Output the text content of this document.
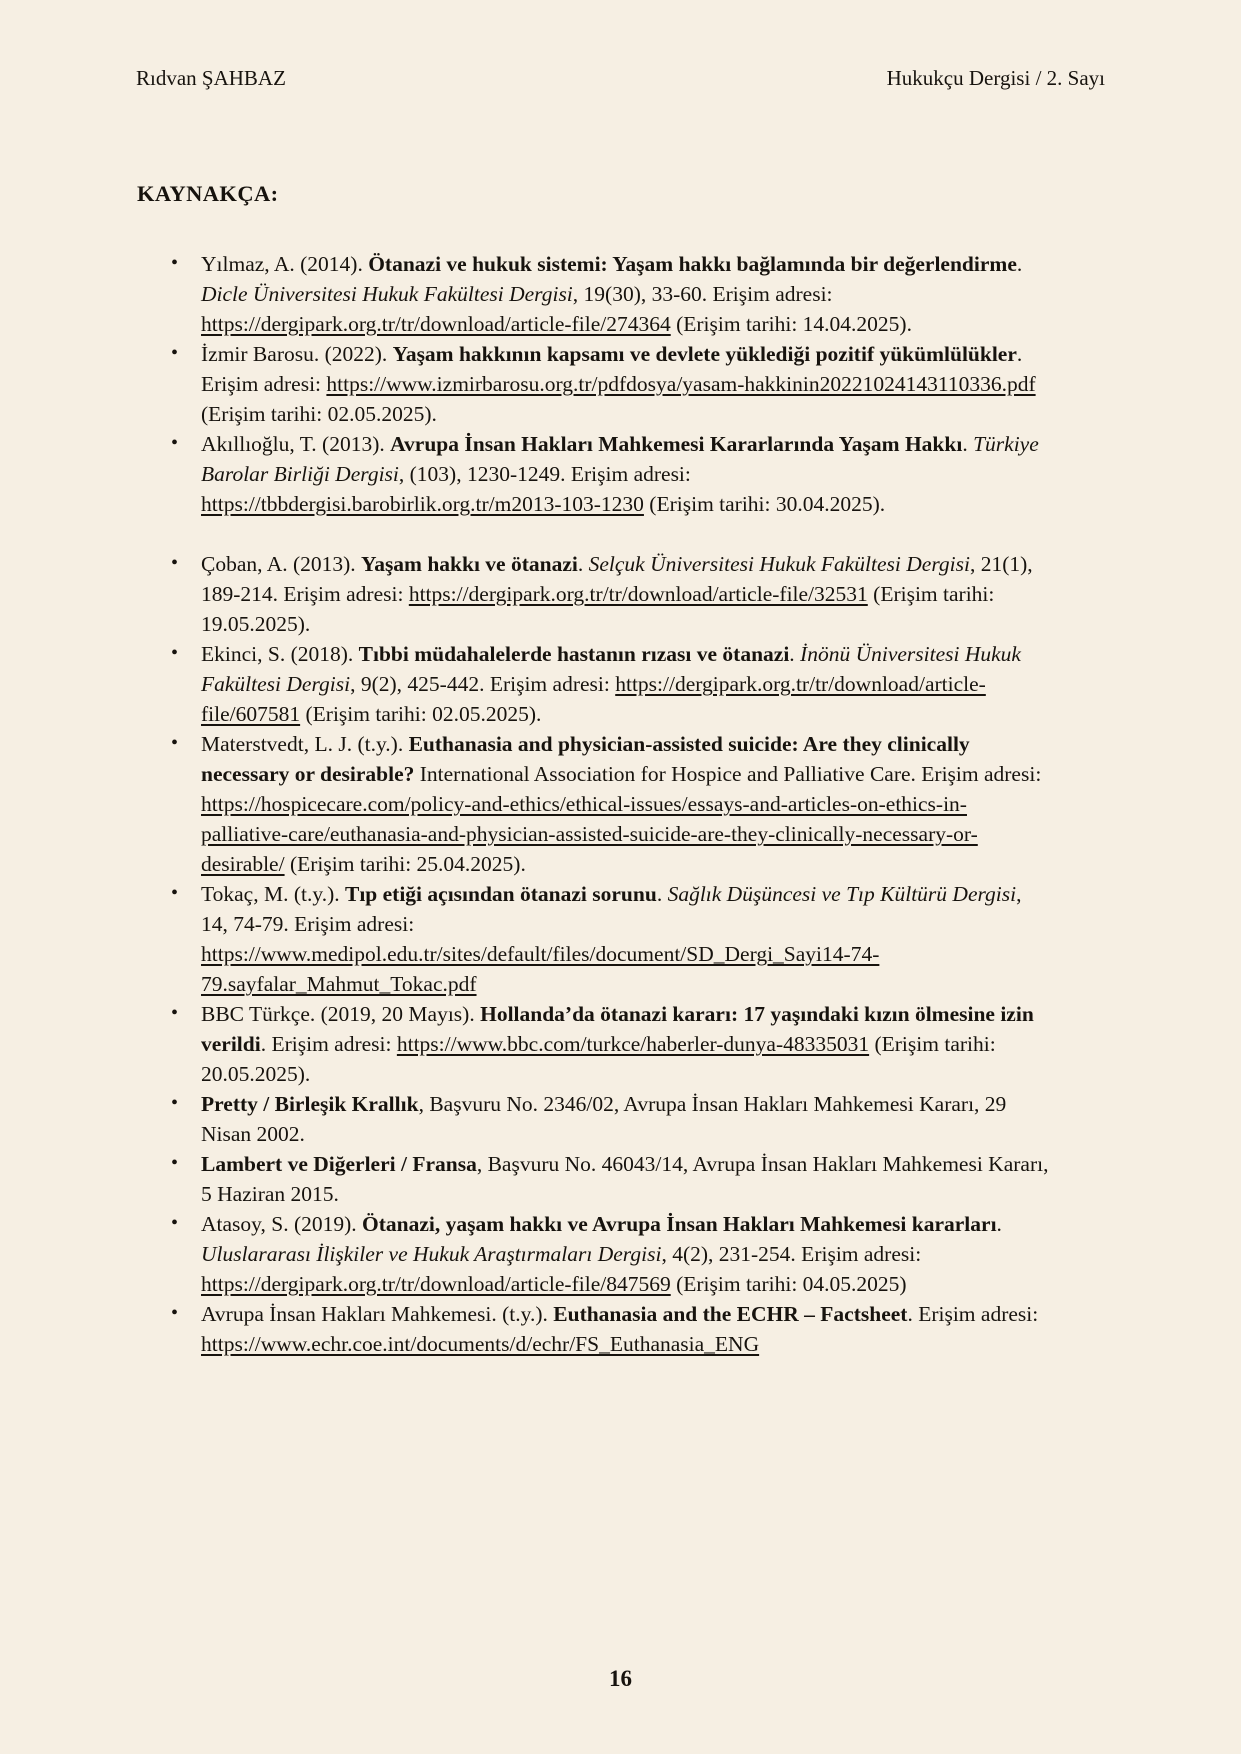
Rıdvan ŞAHBAZ	Hukukçu Dergisi / 2. Sayı
KAYNAKÇA:
• Yılmaz, A. (2014). Ötanazi ve hukuk sistemi: Yaşam hakkı bağlamında bir değerlendirme. Dicle Üniversitesi Hukuk Fakültesi Dergisi, 19(30), 33-60. Erişim adresi: https://dergipark.org.tr/tr/download/article-file/274364 (Erişim tarihi: 14.04.2025).
• İzmir Barosu. (2022). Yaşam hakkının kapsamı ve devlete yüklediği pozitif yükümlülükler. Erişim adresi: https://www.izmirbarosu.org.tr/pdfdosya/yasam-hakkinin20221024143110336.pdf (Erişim tarihi: 02.05.2025).
• Akıllıoğlu, T. (2013). Avrupa İnsan Hakları Mahkemesi Kararlarında Yaşam Hakkı. Türkiye Barolar Birliği Dergisi, (103), 1230-1249. Erişim adresi: https://tbbdergisi.barobirlik.org.tr/m2013-103-1230 (Erişim tarihi: 30.04.2025).
• Çoban, A. (2013). Yaşam hakkı ve ötanazi. Selçuk Üniversitesi Hukuk Fakültesi Dergisi, 21(1), 189-214. Erişim adresi: https://dergipark.org.tr/tr/download/article-file/32531 (Erişim tarihi: 19.05.2025).
• Ekinci, S. (2018). Tıbbi müdahalelerde hastanın rızası ve ötanazi. İnönü Üniversitesi Hukuk Fakültesi Dergisi, 9(2), 425-442. Erişim adresi: https://dergipark.org.tr/tr/download/article-file/607581 (Erişim tarihi: 02.05.2025).
• Materstvedt, L. J. (t.y.). Euthanasia and physician-assisted suicide: Are they clinically necessary or desirable? International Association for Hospice and Palliative Care. Erişim adresi: https://hospicecare.com/policy-and-ethics/ethical-issues/essays-and-articles-on-ethics-in-palliative-care/euthanasia-and-physician-assisted-suicide-are-they-clinically-necessary-or-desirable/ (Erişim tarihi: 25.04.2025).
• Tokaç, M. (t.y.). Tıp etiği açısından ötanazi sorunu. Sağlık Düşüncesi ve Tıp Kültürü Dergisi, 14, 74-79. Erişim adresi: https://www.medipol.edu.tr/sites/default/files/document/SD_Dergi_Sayi14-74-79.sayfalar_Mahmut_Tokac.pdf
• BBC Türkçe. (2019, 20 Mayıs). Hollanda’da ötanazi kararı: 17 yaşındaki kızın ölmesine izin verildi. Erişim adresi: https://www.bbc.com/turkce/haberler-dunya-48335031 (Erişim tarihi: 20.05.2025).
• Pretty / Birleşik Krallık, Başvuru No. 2346/02, Avrupa İnsan Hakları Mahkemesi Kararı, 29 Nisan 2002.
• Lambert ve Diğerleri / Fransa, Başvuru No. 46043/14, Avrupa İnsan Hakları Mahkemesi Kararı, 5 Haziran 2015.
• Atasoy, S. (2019). Ötanazi, yaşam hakkı ve Avrupa İnsan Hakları Mahkemesi kararları. Uluslararası İlişkiler ve Hukuk Araştırmaları Dergisi, 4(2), 231-254. Erişim adresi: https://dergipark.org.tr/tr/download/article-file/847569 (Erişim tarihi: 04.05.2025)
• Avrupa İnsan Hakları Mahkemesi. (t.y.). Euthanasia and the ECHR – Factsheet. Erişim adresi: https://www.echr.coe.int/documents/d/echr/FS_Euthanasia_ENG
16
